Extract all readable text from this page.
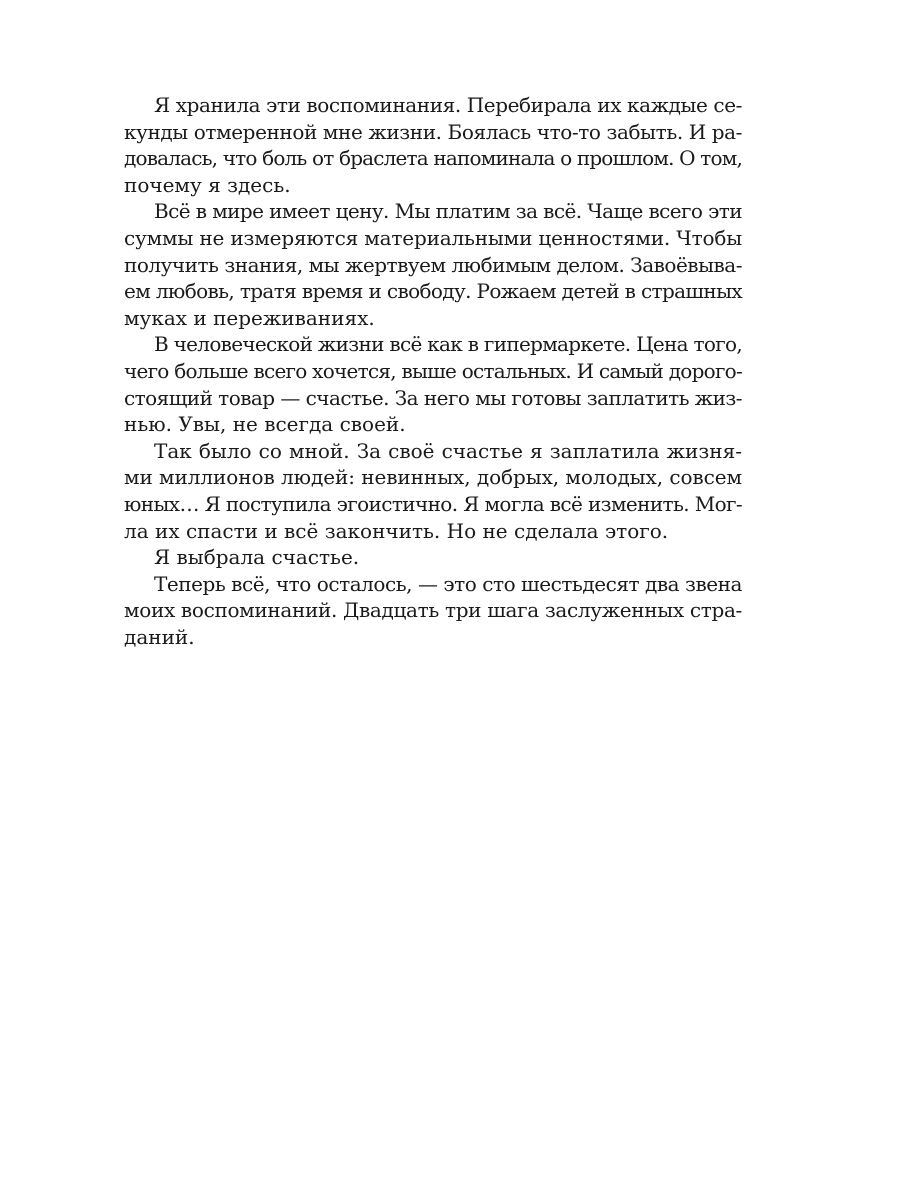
Я хранила эти воспоминания. Перебирала их каждые се-
кунды отмеренной мне жизни. Боялась что-то забыть. И ра-
довалась, что боль от браслета напоминала о прошлом. О том,
почему я здесь.
Всё в мире имеет цену. Мы платим за всё. Чаще всего эти
суммы не измеряются материальными ценностями. Чтобы
получить знания, мы жертвуем любимым делом. Завоёвыва-
ем любовь, тратя время и свободу. Рожаем детей в страшных
муках и переживаниях.
В человеческой жизни всё как в гипермаркете. Цена того,
чего больше всего хочется, выше остальных. И самый дорого-
стоящий товар — счастье. За него мы готовы заплатить жиз-
нью. Увы, не всегда своей.
Так было со мной. За своё счастье я заплатила жизня-
ми миллионов людей: невинных, добрых, молодых, совсем
юных… Я поступила эгоистично. Я могла всё изменить. Мог-
ла их спасти и всё закончить. Но не сделала этого.
Я выбрала счастье.
Теперь всё, что осталось, — это сто шестьдесят два звена
моих воспоминаний. Двадцать три шага заслуженных стра-
даний.
